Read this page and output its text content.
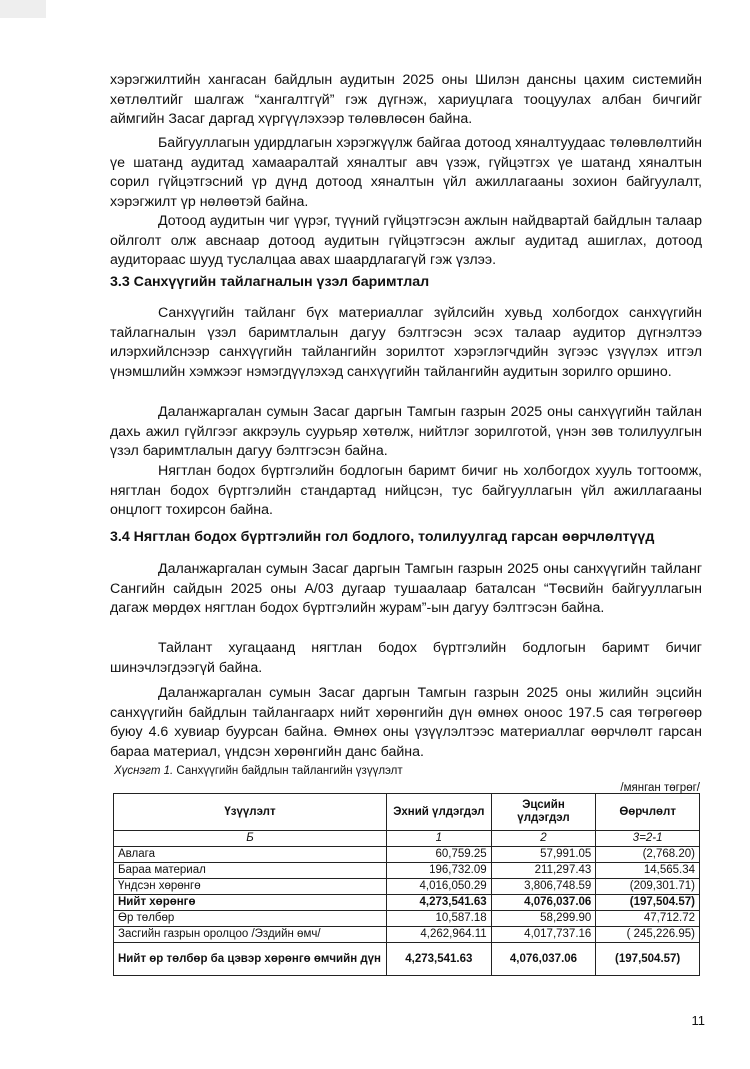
хэрэгжилтийн хангасан байдлын аудитын 2025 оны Шилэн дансны цахим системийн хөтлөлтийг шалгаж “хангалтгүй” гэж дүгнэж, хариуцлага тооцуулах албан бичгийг аймгийн Засаг даргад хүргүүлэхээр төлөвлөсөн байна.

Байгууллагын удирдлагын хэрэгжүүлж байгаа дотоод хяналтуудаас төлөвлөлтийн үе шатанд аудитад хамааралтай хяналтыг авч үзэж, гүйцэтгэх үе шатанд хяналтын сорил гүйцэтгэсний үр дүнд дотоод хяналтын үйл ажиллагааны зохион байгуулалт, хэрэгжилт үр нөлөөтэй байна.

Дотоод аудитын чиг үүрэг, түүний гүйцэтгэсэн ажлын найдвартай байдлын талаар ойлголт олж авснаар дотоод аудитын гүйцэтгэсэн ажлыг аудитад ашиглах, дотоод аудитораас шууд туслалцаа авах шаардлагагүй гэж үзлээ.

3.3 Санхүүгийн тайлагналын үзэл баримтлал

Санхүүгийн тайланг бүх материаллаг зүйлсийн хувьд холбогдох санхүүгийн тайлагналын үзэл баримтлалын дагуу бэлтгэсэн эсэх талаар аудитор дүгнэлтээ илэрхийлснээр санхүүгийн тайлангийн зорилтот хэрэглэгчдийн зүгээс үзүүлэх итгэл үнэмшлийн хэмжээг нэмэгдүүлэхэд санхүүгийн тайлангийн аудитын зорилго оршино.

Даланжаргалан сумын Засаг даргын Тамгын газрын 2025 оны санхүүгийн тайлан дахь ажил гүйлгээг аккрэуль суурьяр хөтөлж, нийтлэг зорилготой, үнэн зөв толилуулгын үзэл баримтлалын дагуу бэлтгэсэн байна.

Нягтлан бодох бүртгэлийн бодлогын баримт бичиг нь холбогдох хууль тогтоомж, нягтлан бодох бүртгэлийн стандартад нийцсэн, тус байгууллагын үйл ажиллагааны онцлогт тохирсон байна.

3.4 Нягтлан бодох бүртгэлийн гол бодлого, толилуулгад гарсан өөрчлөлтүүд

Даланжаргалан сумын Засаг даргын Тамгын газрын 2025 оны санхүүгийн тайланг Сангийн сайдын 2025 оны А/03 дугаар тушаалаар баталсан “Төсвийн байгууллагын дагаж мөрдөх нягтлан бодох бүртгэлийн журам”-ын дагуу бэлтгэсэн байна.

Тайлант хугацаанд нягтлан бодох бүртгэлийн бодлогын баримт бичиг шинэчлэгдээгүй байна.

Даланжаргалан сумын Засаг даргын Тамгын газрын 2025 оны жилийн эцсийн санхүүгийн байдлын тайлангаарх нийт хөрөнгийн дүн өмнөх оноос 197.5 сая төгрөгөөр буюу 4.6 хувиар буурсан байна. Өмнөх оны үзүүлэлтээс материаллаг өөрчлөлт гарсан бараа материал, үндсэн хөрөнгийн данс байна.

Хүснэгт 1. Санхүүгийн байдлын тайлангийн үзүүлэлт

/мянган төгрөг/

Үзүүлэлт	Эхний үлдэгдэл	Эцсийн үлдэгдэл	Өөрчлөлт
Б	1	2	3=2-1
Авлага	60,759.25	57,991.05	(2,768.20)
Бараа материал	196,732.09	211,297.43	14,565.34
Үндсэн хөрөнгө	4,016,050.29	3,806,748.59	(209,301.71)
Нийт хөрөнгө	4,273,541.63	4,076,037.06	(197,504.57)
Өр төлбөр	10,587.18	58,299.90	47,712.72
Засгийн газрын оролцоо /Эздийн өмч/	4,262,964.11	4,017,737.16	( 245,226.95)
Нийт өр төлбөр ба цэвэр хөрөнгө өмчийн дүн	4,273,541.63	4,076,037.06	(197,504.57)
11
